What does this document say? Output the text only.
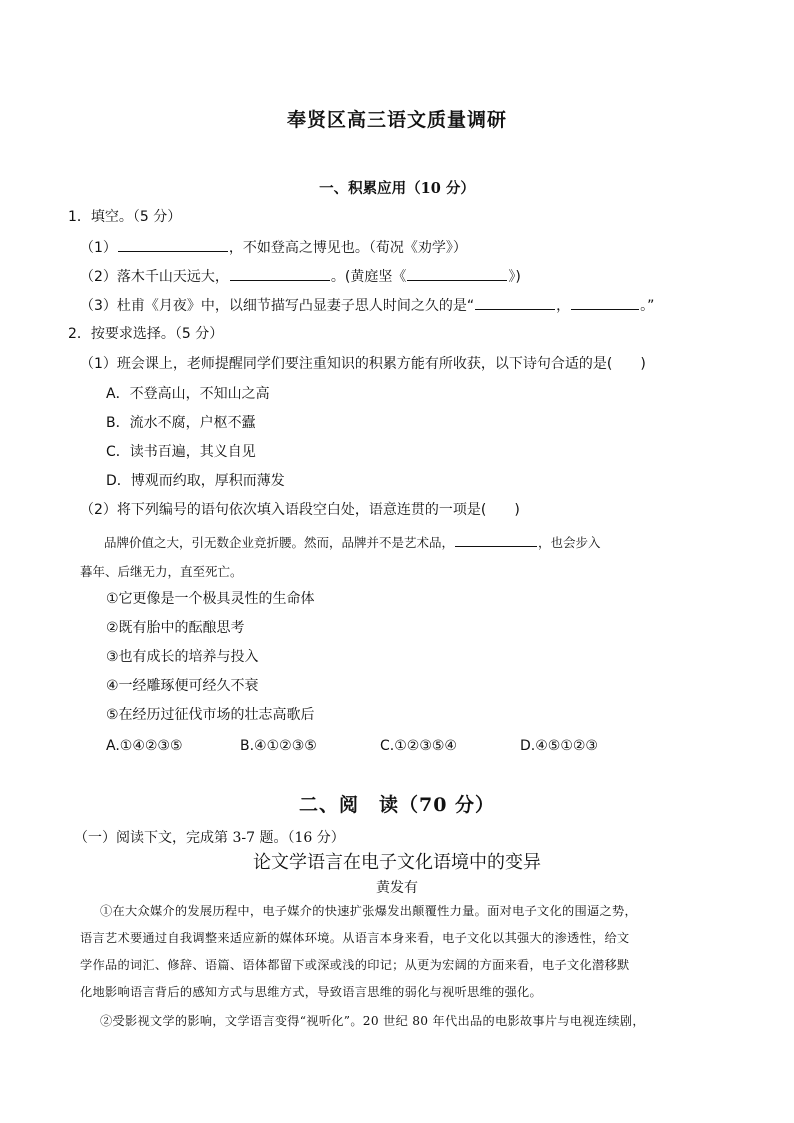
奉贤区高三语文质量调研
一、积累应用（10 分）
1．填空。（5 分）
（1）	，不如登高之博见也。（荀况《劝学》）
（2）落木千山天远大，	。(黄庭坚《	》)
（3）杜甫《月夜》中，以细节描写凸显妻子思人时间之久的是“	，	。”
2．按要求选择。（5 分）
（1）班会课上，老师提醒同学们要注重知识的积累方能有所收获，以下诗句合适的是(　　)
A．不登高山，不知山之高
B．流水不腐，户枢不蠹
C．读书百遍，其义自见
D．博观而约取，厚积而薄发
（2）将下列编号的语句依次填入语段空白处，语意连贯的一项是(　　)
品牌价值之大，引无数企业竞折腰。然而，品牌并不是艺术品，	，也会步入
暮年、后继无力，直至死亡。
①它更像是一个极具灵性的生命体
②既有胎中的酝酿思考
③也有成长的培养与投入
④一经雕琢便可经久不衰
⑤在经历过征伐市场的壮志高歌后
A.①④②③⑤	B.④①②③⑤	C.①②③⑤④	D.④⑤①②③
二、阅　读（70 分）
（一）阅读下文，完成第 3-7 题。（16 分）
论文学语言在电子文化语境中的变异
黄发有
①在大众媒介的发展历程中，电子媒介的快速扩张爆发出颠覆性力量。面对电子文化的围逼之势，
语言艺术要通过自我调整来适应新的媒体环境。从语言本身来看，电子文化以其强大的渗透性，给文
学作品的词汇、修辞、语篇、语体都留下或深或浅的印记；从更为宏阔的方面来看，电子文化潜移默
化地影响语言背后的感知方式与思维方式，导致语言思维的弱化与视听思维的强化。
②受影视文学的影响，文学语言变得“视听化”。20 世纪 80 年代出品的电影故事片与电视连续剧，
